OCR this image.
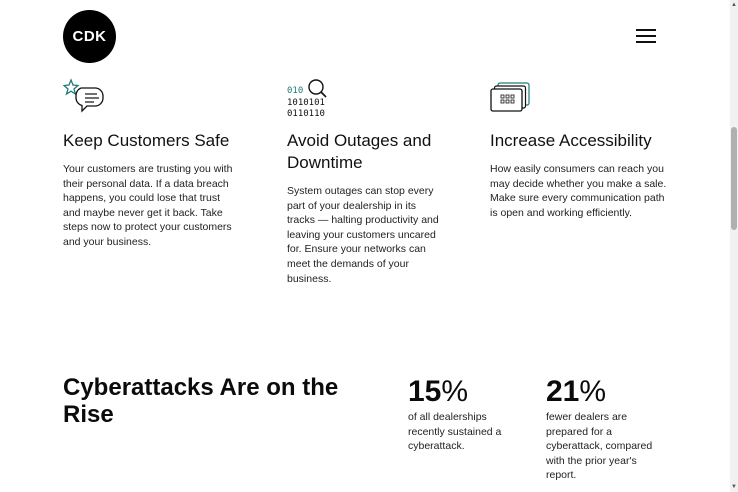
CDK
▲
▼
Keep Customers Safe

Your customers are trusting you with their personal data. If a data breach happens, you could lose that trust and maybe never get it back. Take steps now to protect your customers and your business.

010
1010101
0110110
Avoid Outages and Downtime

System outages can stop every part of your dealership in its tracks — halting productivity and leaving your customers uncared for. Ensure your networks can meet the demands of your business.

Increase Accessibility

How easily consumers can reach you may decide whether you make a sale. Make sure every communication path is open and working efficiently.

Cyberattacks Are on the Rise
15%
of all dealerships recently sustained a cyberattack.
21%
fewer dealers are prepared for a cyberattack, compared with the prior year's report.
